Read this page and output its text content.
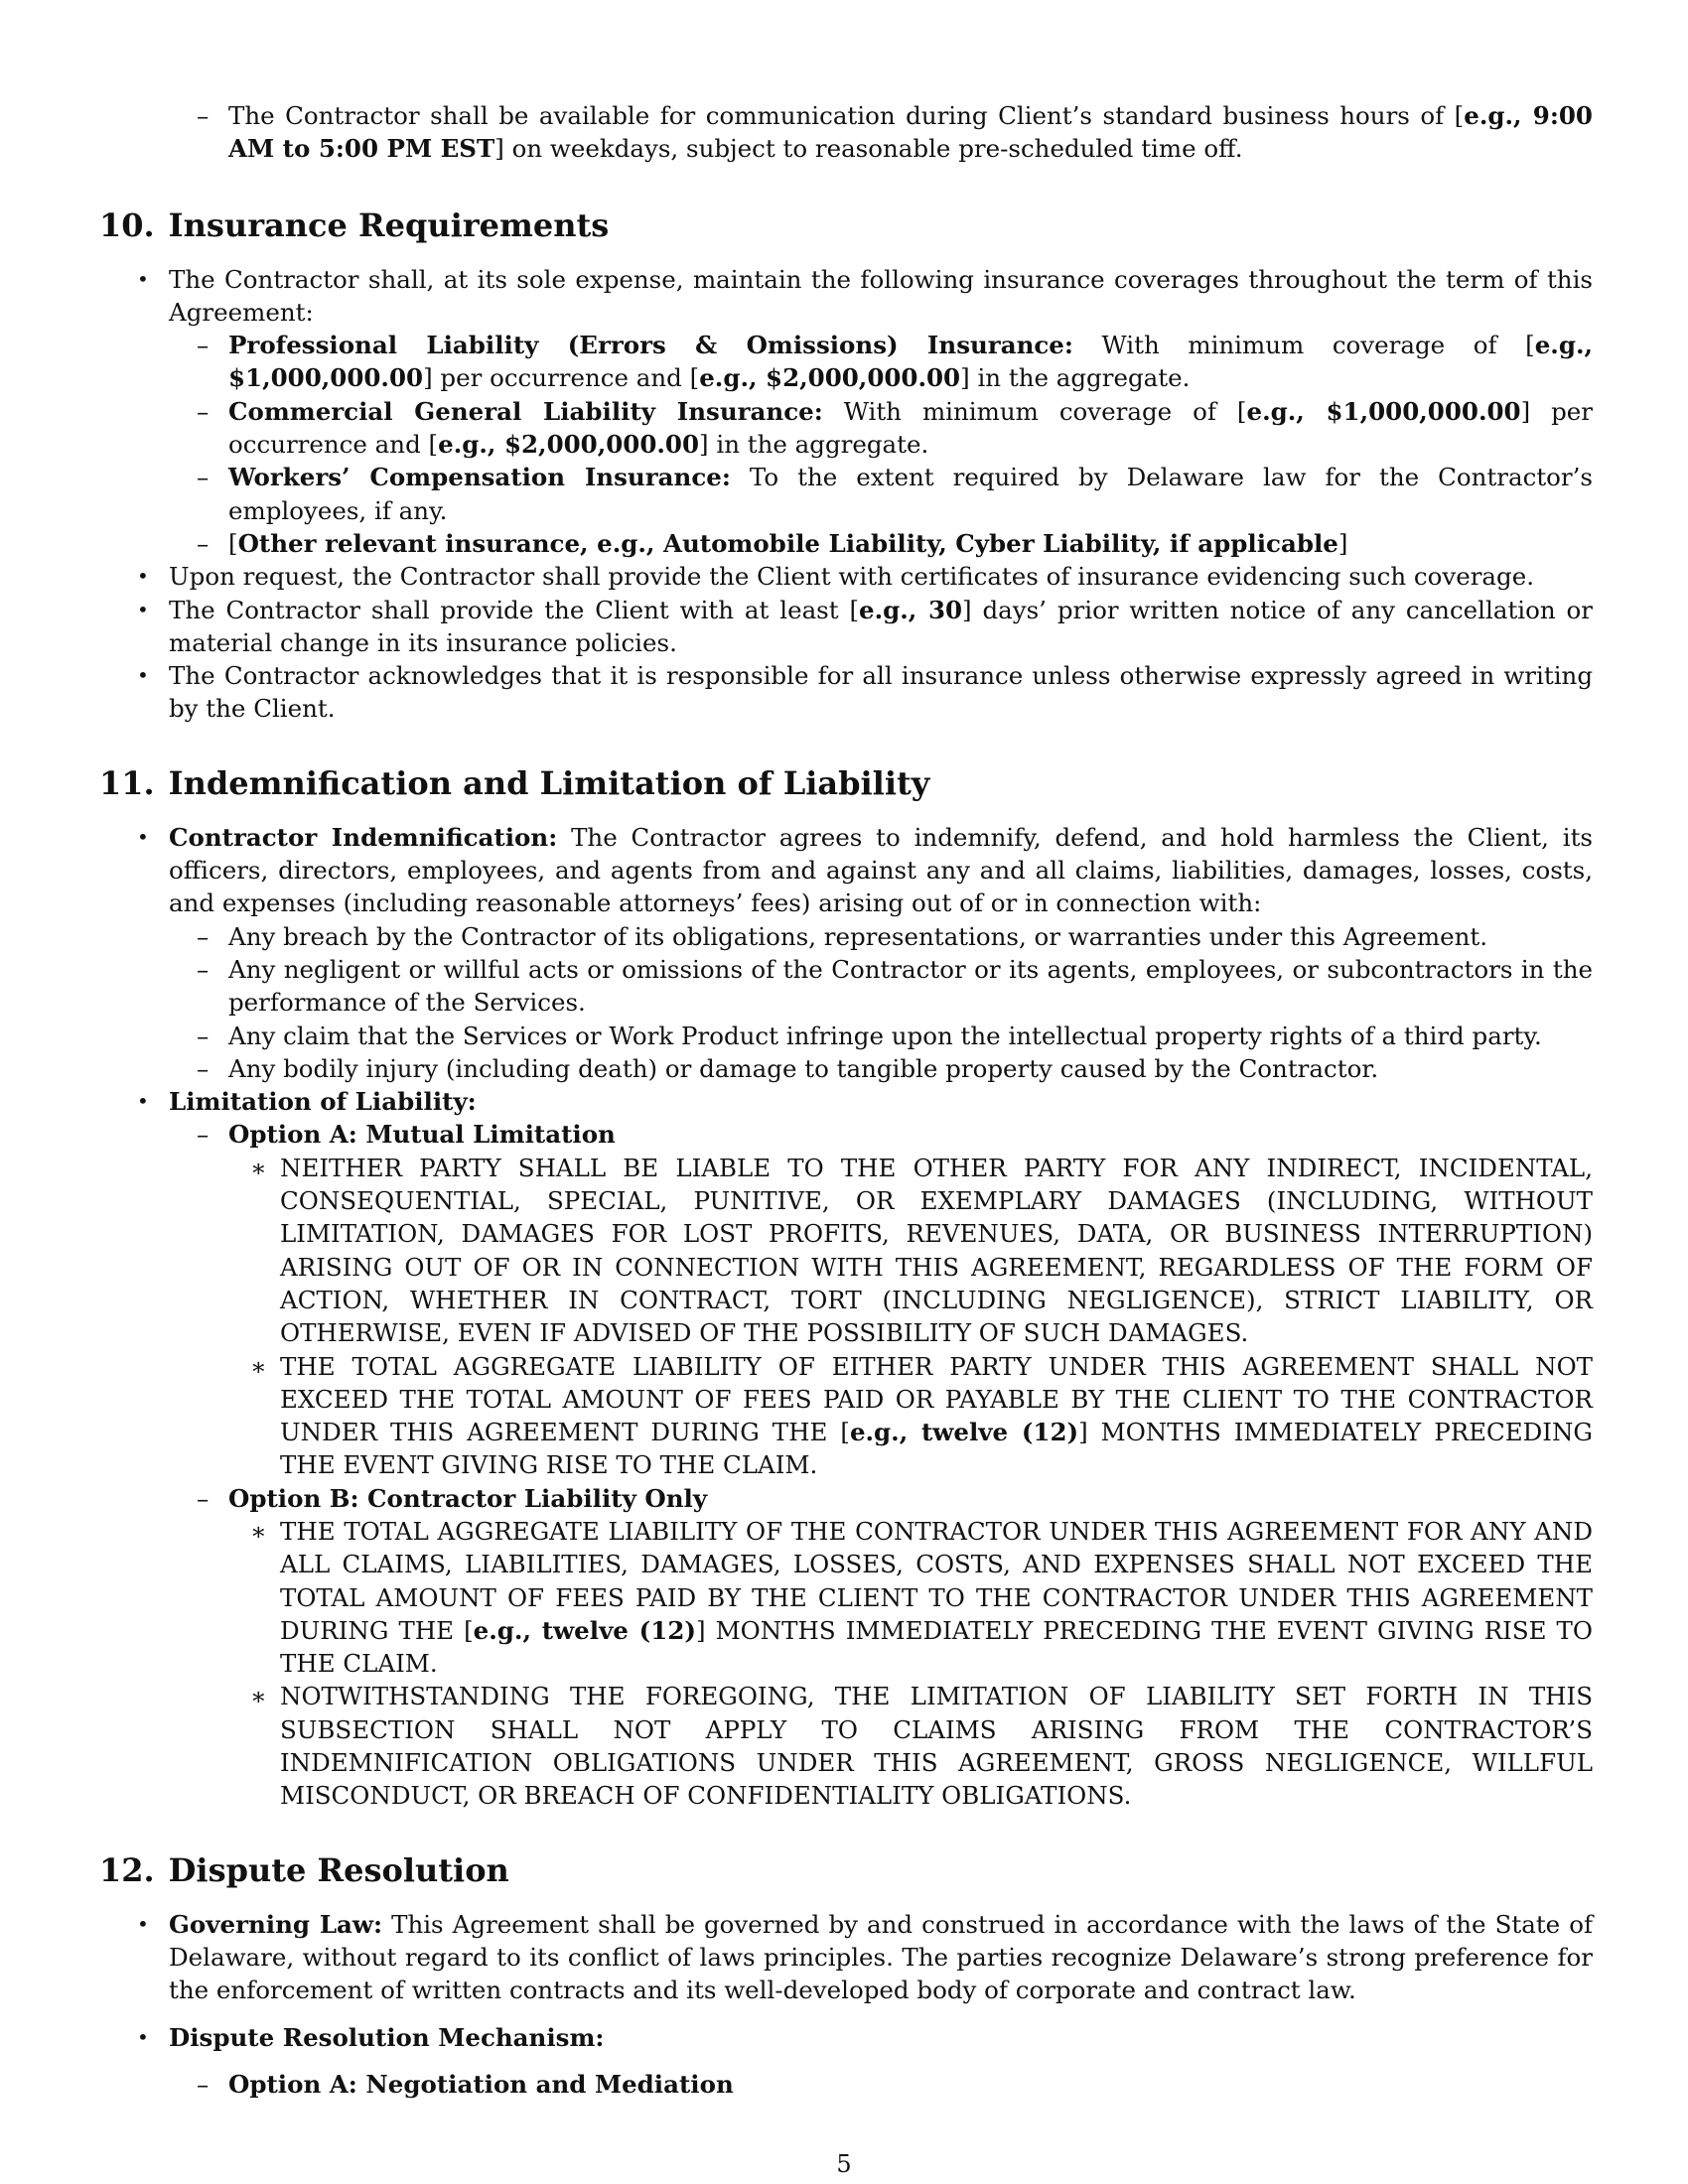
– The Contractor shall be available for communication during Client’s standard business hours of [e.g., 9:00 AM to 5:00 PM EST] on weekdays, subject to reasonable pre-scheduled time off.
10. Insurance Requirements
• The Contractor shall, at its sole expense, maintain the following insurance coverages throughout the term of this Agreement:
– Professional Liability (Errors & Omissions) Insurance: With minimum coverage of [e.g., $1,000,000.00] per occurrence and [e.g., $2,000,000.00] in the aggregate.
– Commercial General Liability Insurance: With minimum coverage of [e.g., $1,000,000.00] per occurrence and [e.g., $2,000,000.00] in the aggregate.
– Workers’ Compensation Insurance: To the extent required by Delaware law for the Contractor’s employees, if any.
– [Other relevant insurance, e.g., Automobile Liability, Cyber Liability, if applicable]
• Upon request, the Contractor shall provide the Client with certificates of insurance evidencing such coverage.
• The Contractor shall provide the Client with at least [e.g., 30] days’ prior written notice of any cancellation or material change in its insurance policies.
• The Contractor acknowledges that it is responsible for all insurance unless otherwise expressly agreed in writing by the Client.
11. Indemnification and Limitation of Liability
• Contractor Indemnification: The Contractor agrees to indemnify, defend, and hold harmless the Client, its officers, directors, employees, and agents from and against any and all claims, liabilities, damages, losses, costs, and expenses (including reasonable attorneys’ fees) arising out of or in connection with:
– Any breach by the Contractor of its obligations, representations, or warranties under this Agreement.
– Any negligent or willful acts or omissions of the Contractor or its agents, employees, or subcontractors in the performance of the Services.
– Any claim that the Services or Work Product infringe upon the intellectual property rights of a third party.
– Any bodily injury (including death) or damage to tangible property caused by the Contractor.
• Limitation of Liability:
– Option A: Mutual Limitation
∗ NEITHER PARTY SHALL BE LIABLE TO THE OTHER PARTY FOR ANY INDIRECT, INCIDENTAL, CONSEQUENTIAL, SPECIAL, PUNITIVE, OR EXEMPLARY DAMAGES (INCLUDING, WITHOUT LIMITATION, DAMAGES FOR LOST PROFITS, REVENUES, DATA, OR BUSINESS INTERRUPTION) ARISING OUT OF OR IN CONNECTION WITH THIS AGREEMENT, REGARDLESS OF THE FORM OF ACTION, WHETHER IN CONTRACT, TORT (INCLUDING NEGLIGENCE), STRICT LIABILITY, OR OTHERWISE, EVEN IF ADVISED OF THE POSSIBILITY OF SUCH DAMAGES.
∗ THE TOTAL AGGREGATE LIABILITY OF EITHER PARTY UNDER THIS AGREEMENT SHALL NOT EXCEED THE TOTAL AMOUNT OF FEES PAID OR PAYABLE BY THE CLIENT TO THE CONTRACTOR UNDER THIS AGREEMENT DURING THE [e.g., twelve (12)] MONTHS IMMEDIATELY PRECEDING THE EVENT GIVING RISE TO THE CLAIM.
– Option B: Contractor Liability Only
∗ THE TOTAL AGGREGATE LIABILITY OF THE CONTRACTOR UNDER THIS AGREEMENT FOR ANY AND ALL CLAIMS, LIABILITIES, DAMAGES, LOSSES, COSTS, AND EXPENSES SHALL NOT EXCEED THE TOTAL AMOUNT OF FEES PAID BY THE CLIENT TO THE CONTRACTOR UNDER THIS AGREEMENT DURING THE [e.g., twelve (12)] MONTHS IMMEDIATELY PRECEDING THE EVENT GIVING RISE TO THE CLAIM.
∗ NOTWITHSTANDING THE FOREGOING, THE LIMITATION OF LIABILITY SET FORTH IN THIS SUBSECTION SHALL NOT APPLY TO CLAIMS ARISING FROM THE CONTRACTOR’S INDEMNIFICATION OBLIGATIONS UNDER THIS AGREEMENT, GROSS NEGLIGENCE, WILLFUL MISCONDUCT, OR BREACH OF CONFIDENTIALITY OBLIGATIONS.
12. Dispute Resolution
• Governing Law: This Agreement shall be governed by and construed in accordance with the laws of the State of Delaware, without regard to its conflict of laws principles. The parties recognize Delaware’s strong preference for the enforcement of written contracts and its well-developed body of corporate and contract law.
• Dispute Resolution Mechanism:
– Option A: Negotiation and Mediation
5
